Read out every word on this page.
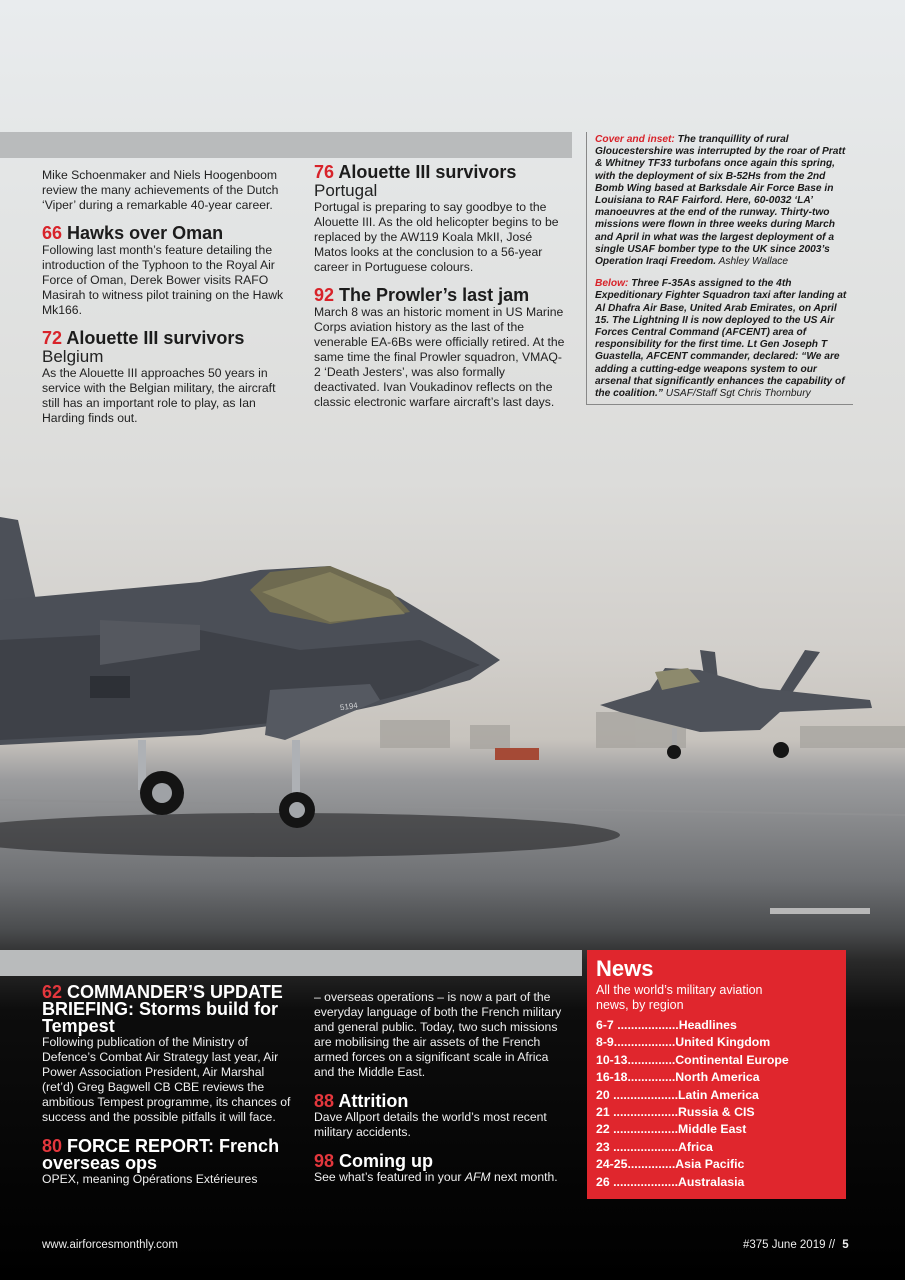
5194

Mike Schoenmaker and Niels Hoogenboom review the many achievements of the Dutch ‘Viper’ during a remarkable 40-year career.

66 Hawks over Oman

Following last month’s feature detailing the introduction of the Typhoon to the Royal Air Force of Oman, Derek Bower visits RAFO Masirah to witness pilot training on the Hawk Mk166.

72 Alouette III survivors

Belgium

As the Alouette III approaches 50 years in service with the Belgian military, the aircraft still has an important role to play, as Ian Harding finds out.

76 Alouette III survivors

Portugal

Portugal is preparing to say goodbye to the Alouette III. As the old helicopter begins to be replaced by the AW119 Koala MkII, José Matos looks at the conclusion to a 56-year career in Portuguese colours.

92 The Prowler’s last jam

March 8 was an historic moment in US Marine Corps aviation history as the last of the venerable EA-6Bs were officially retired. At the same time the final Prowler squadron, VMAQ-2 ‘Death Jesters’, was also formally deactivated. Ivan Voukadinov reflects on the classic electronic warfare aircraft’s last days.

Cover and inset: The tranquillity of rural Gloucestershire was interrupted by the roar of Pratt & Whitney TF33 turbofans once again this spring, with the deployment of six B-52Hs from the 2nd Bomb Wing based at Barksdale Air Force Base in Louisiana to RAF Fairford. Here, 60-0032 ‘LA’ manoeuvres at the end of the runway. Thirty-two missions were flown in three weeks during March and April in what was the largest deployment of a single USAF bomber type to the UK since 2003’s Operation Iraqi Freedom. Ashley Wallace

Below: Three F-35As assigned to the 4th Expeditionary Fighter Squadron taxi after landing at Al Dhafra Air Base, United Arab Emirates, on April 15. The Lightning II is now deployed to the US Air Forces Central Command (AFCENT) area of responsibility for the first time. Lt Gen Joseph T Guastella, AFCENT commander, declared: “We are adding a cutting-edge weapons system to our arsenal that significantly enhances the capability of the coalition.” USAF/Staff Sgt Chris Thornbury

62 COMMANDER’S UPDATE BRIEFING: Storms build for Tempest

Following publication of the Ministry of Defence’s Combat Air Strategy last year, Air Power Association President, Air Marshal (ret’d) Greg Bagwell CB CBE reviews the ambitious Tempest programme, its chances of success and the possible pitfalls it will face.

80 FORCE REPORT: French overseas ops

OPEX, meaning Opérations Extérieures

– overseas operations – is now a part of the everyday language of both the French military and general public. Today, two such missions are mobilising the air assets of the French armed forces on a significant scale in Africa and the Middle East.

88 Attrition

Dave Allport details the world’s most recent military accidents.

98 Coming up

See what’s featured in your AFM next month.

News
All the world’s military aviation news, by region
6-7 ..................Headlines
8-9..................United Kingdom
10-13..............Continental Europe
16-18..............North America
20 ...................Latin America
21 ...................Russia & CIS
22 ...................Middle East
23 ...................Africa
24-25..............Asia Pacific
26 ...................Australasia
www.airforcesmonthly.com	#375 June 2019 // 5
